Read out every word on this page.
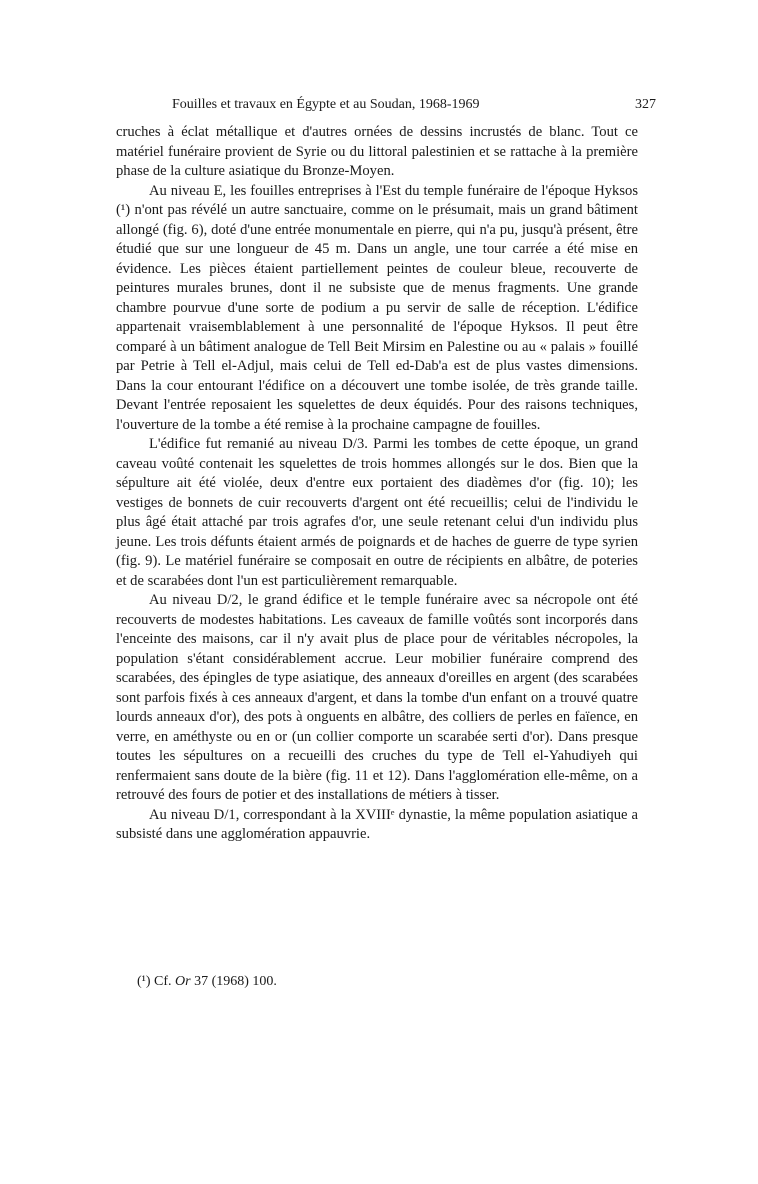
Fouilles et travaux en Égypte et au Soudan, 1968-1969	327

cruches à éclat métallique et d'autres ornées de dessins incrustés de blanc. Tout ce matériel funéraire provient de Syrie ou du littoral palestinien et se rattache à la première phase de la culture asiatique du Bronze-Moyen.

Au niveau E, les fouilles entreprises à l'Est du temple funéraire de l'époque Hyksos (¹) n'ont pas révélé un autre sanctuaire, comme on le présumait, mais un grand bâtiment allongé (fig. 6), doté d'une entrée monumentale en pierre, qui n'a pu, jusqu'à présent, être étudié que sur une longueur de 45 m. Dans un angle, une tour carrée a été mise en évidence. Les pièces étaient partiellement peintes de couleur bleue, recouverte de peintures murales brunes, dont il ne subsiste que de menus fragments. Une grande chambre pourvue d'une sorte de podium a pu servir de salle de réception. L'édifice appartenait vraisemblablement à une personnalité de l'époque Hyksos. Il peut être comparé à un bâtiment analogue de Tell Beit Mirsim en Palestine ou au « palais » fouillé par Petrie à Tell el-Adjul, mais celui de Tell ed-Dab'a est de plus vastes dimensions. Dans la cour entourant l'édifice on a découvert une tombe isolée, de très grande taille. Devant l'entrée reposaient les squelettes de deux équidés. Pour des raisons techniques, l'ouverture de la tombe a été remise à la prochaine campagne de fouilles.

L'édifice fut remanié au niveau D/3. Parmi les tombes de cette époque, un grand caveau voûté contenait les squelettes de trois hommes allongés sur le dos. Bien que la sépulture ait été violée, deux d'entre eux portaient des diadèmes d'or (fig. 10); les vestiges de bonnets de cuir recouverts d'argent ont été recueillis; celui de l'individu le plus âgé était attaché par trois agrafes d'or, une seule retenant celui d'un individu plus jeune. Les trois défunts étaient armés de poignards et de haches de guerre de type syrien (fig. 9). Le matériel funéraire se composait en outre de récipients en albâtre, de poteries et de scarabées dont l'un est particulièrement remarquable.

Au niveau D/2, le grand édifice et le temple funéraire avec sa nécropole ont été recouverts de modestes habitations. Les caveaux de famille voûtés sont incorporés dans l'enceinte des maisons, car il n'y avait plus de place pour de véritables nécropoles, la population s'étant considérablement accrue. Leur mobilier funéraire comprend des scarabées, des épingles de type asiatique, des anneaux d'oreilles en argent (des scarabées sont parfois fixés à ces anneaux d'argent, et dans la tombe d'un enfant on a trouvé quatre lourds anneaux d'or), des pots à onguents en albâtre, des colliers de perles en faïence, en verre, en améthyste ou en or (un collier comporte un scarabée serti d'or). Dans presque toutes les sépultures on a recueilli des cruches du type de Tell el-Yahudiyeh qui renfermaient sans doute de la bière (fig. 11 et 12). Dans l'agglomération elle-même, on a retrouvé des fours de potier et des installations de métiers à tisser.

Au niveau D/1, correspondant à la XVIIIᵉ dynastie, la même population asiatique a subsisté dans une agglomération appauvrie.

(¹) Cf. Or 37 (1968) 100.
